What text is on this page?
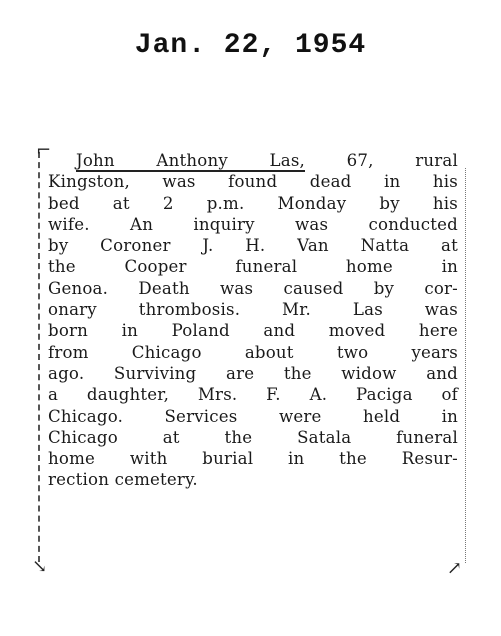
Jan. 22, 1954
⌐
↘	↗

John Anthony Las, 67, rural
Kingston, was found dead in his
bed at 2 p.m. Monday by his
wife. An inquiry was conducted
by Coroner J. H. Van Natta at
the Cooper funeral home in
Genoa. Death was caused by cor-
onary thrombosis. Mr. Las was
born in Poland and moved here
from Chicago about two years
ago. Surviving are the widow and
a daughter, Mrs. F. A. Paciga of
Chicago. Services were held in
Chicago at the Satala funeral
home with burial in the Resur-
rection cemetery.
